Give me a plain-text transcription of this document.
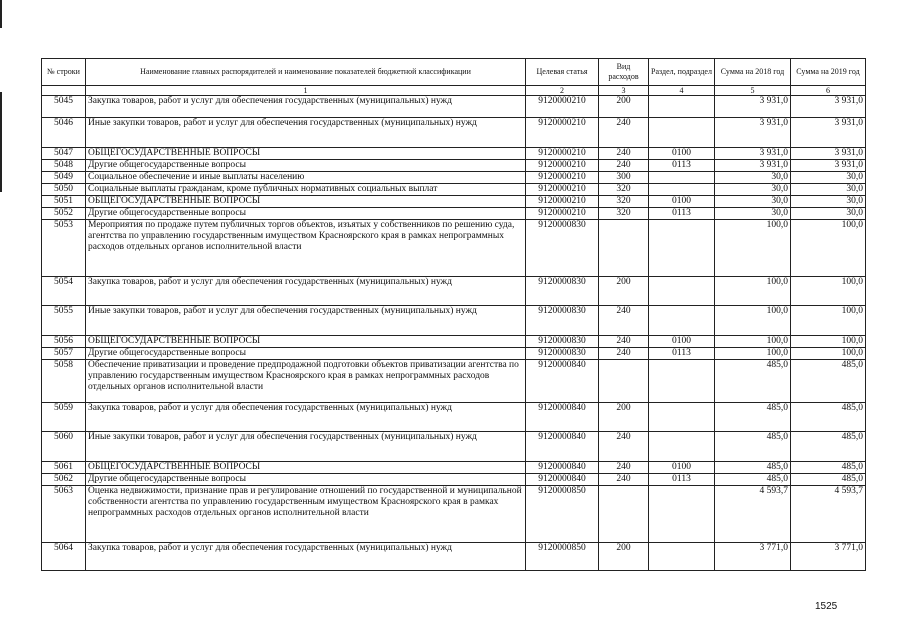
№ строки	Наименование главных распорядителей и наименование показателей бюджетной классификации	Целевая статья	Вид расходов	Раздел, подраздел	Сумма на 2018 год	Сумма на 2019 год
	1	2	3	4	5	6
5045	Закупка товаров, работ и услуг для обеспечения государственных (муниципальных) нужд	9120000210	200		3 931,0	3 931,0
5046	Иные закупки товаров, работ и услуг для обеспечения государственных (муниципальных) нужд	9120000210	240		3 931,0	3 931,0
5047	ОБЩЕГОСУДАРСТВЕННЫЕ ВОПРОСЫ	9120000210	240	0100	3 931,0	3 931,0
5048	Другие общегосударственные вопросы	9120000210	240	0113	3 931,0	3 931,0
5049	Социальное обеспечение и иные выплаты населению	9120000210	300		30,0	30,0
5050	Социальные выплаты гражданам, кроме публичных нормативных социальных выплат	9120000210	320		30,0	30,0
5051	ОБЩЕГОСУДАРСТВЕННЫЕ ВОПРОСЫ	9120000210	320	0100	30,0	30,0
5052	Другие общегосударственные вопросы	9120000210	320	0113	30,0	30,0
5053	Мероприятия по продаже путем публичных торгов объектов, изъятых у собственников по решению суда, агентства по управлению государственным имуществом Красноярского края в рамках непрограммных расходов отдельных органов исполнительной власти	9120000830			100,0	100,0
5054	Закупка товаров, работ и услуг для обеспечения государственных (муниципальных) нужд	9120000830	200		100,0	100,0
5055	Иные закупки товаров, работ и услуг для обеспечения государственных (муниципальных) нужд	9120000830	240		100,0	100,0
5056	ОБЩЕГОСУДАРСТВЕННЫЕ ВОПРОСЫ	9120000830	240	0100	100,0	100,0
5057	Другие общегосударственные вопросы	9120000830	240	0113	100,0	100,0
5058	Обеспечение приватизации и проведение предпродажной подготовки объектов приватизации агентства по управлению государственным имуществом Красноярского края в рамках непрограммных расходов отдельных органов исполнительной власти	9120000840			485,0	485,0
5059	Закупка товаров, работ и услуг для обеспечения государственных (муниципальных) нужд	9120000840	200		485,0	485,0
5060	Иные закупки товаров, работ и услуг для обеспечения государственных (муниципальных) нужд	9120000840	240		485,0	485,0
5061	ОБЩЕГОСУДАРСТВЕННЫЕ ВОПРОСЫ	9120000840	240	0100	485,0	485,0
5062	Другие общегосударственные вопросы	9120000840	240	0113	485,0	485,0
5063	Оценка недвижимости, признание прав и регулирование отношений по государственной и муниципальной собственности агентства по управлению государственным имуществом Красноярского края в рамках непрограммных расходов отдельных органов исполнительной власти	9120000850			4 593,7	4 593,7
5064	Закупка товаров, работ и услуг для обеспечения государственных (муниципальных) нужд	9120000850	200		3 771,0	3 771,0
1525
